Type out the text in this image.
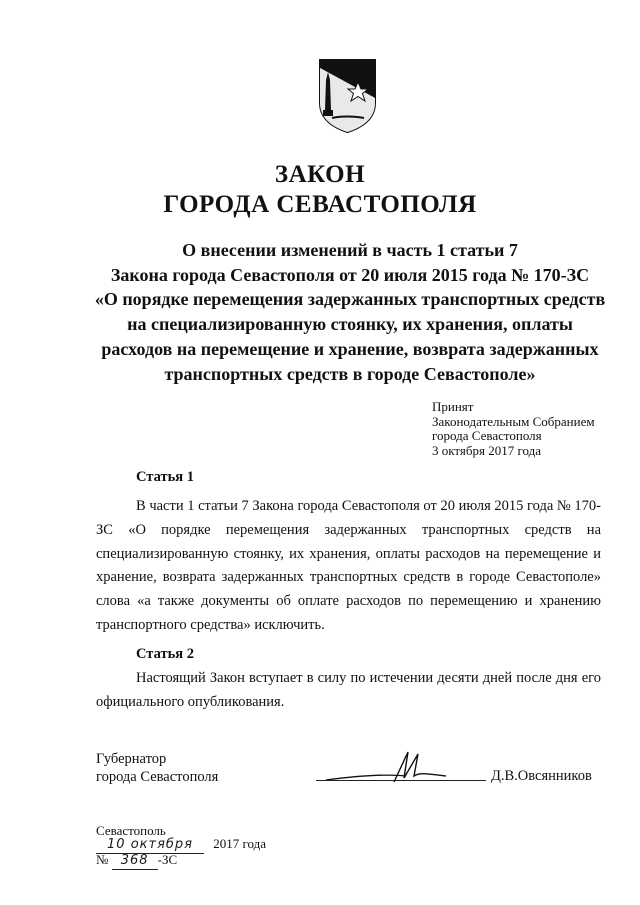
ЗАКОН
ГОРОДА СЕВАСТОПОЛЯ
О внесении изменений в часть 1 статьи 7
Закона города Севастополя от 20 июля 2015 года № 170-ЗС
«О порядке перемещения задержанных транспортных средств
на специализированную стоянку, их хранения, оплаты
расходов на перемещение и хранение, возврата задержанных
транспортных средств в городе Севастополе»
Принят
Законодательным Собранием
города Севастополя
3 октября 2017 года
Статья 1
В части 1 статьи 7 Закона города Севастополя от 20 июля 2015 года № 170-ЗС «О порядке перемещения задержанных транспортных средств на специализированную стоянку, их хранения, оплаты расходов на перемещение и хранение, возврата задержанных транспортных средств в городе Севастополе» слова «а также документы об оплате расходов по перемещению и хранению транспортного средства» исключить.
Статья 2
Настоящий Закон вступает в силу по истечении десяти дней после дня его официального опубликования.
Губернатор
города Севастополя	Д.В.Овсянников
Севастополь
10 октября 2017 года
№ 368 -ЗС
